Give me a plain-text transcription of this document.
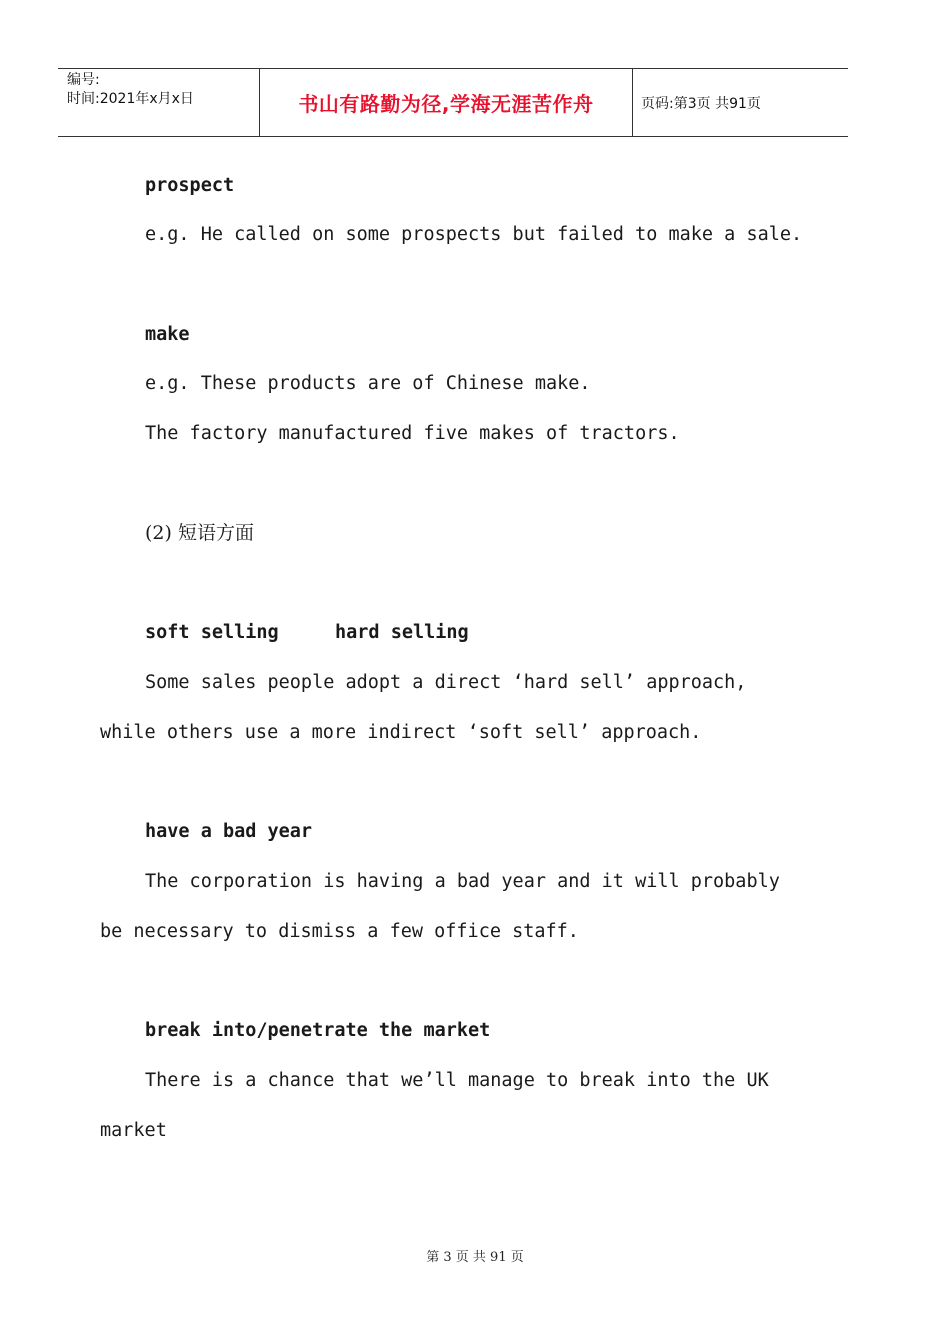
编号:
时间:2021年x月x日	书山有路勤为径,学海无涯苦作舟	页码:第3页 共91页
prospect
e.g. He called on some prospects but failed to make a sale.
make
e.g. These products are of Chinese make.
The factory manufactured five makes of tractors.
(2) 短语方面
soft selling	hard selling
Some sales people adopt a direct ‘hard sell’ approach,
while others use a more indirect ‘soft sell’ approach.
have a bad year
The corporation is having a bad year and it will probably
be necessary to dismiss a few office staff.
break into/penetrate the market
There is a chance that we’ll manage to break into the UK
market
第 3 页 共 91 页
